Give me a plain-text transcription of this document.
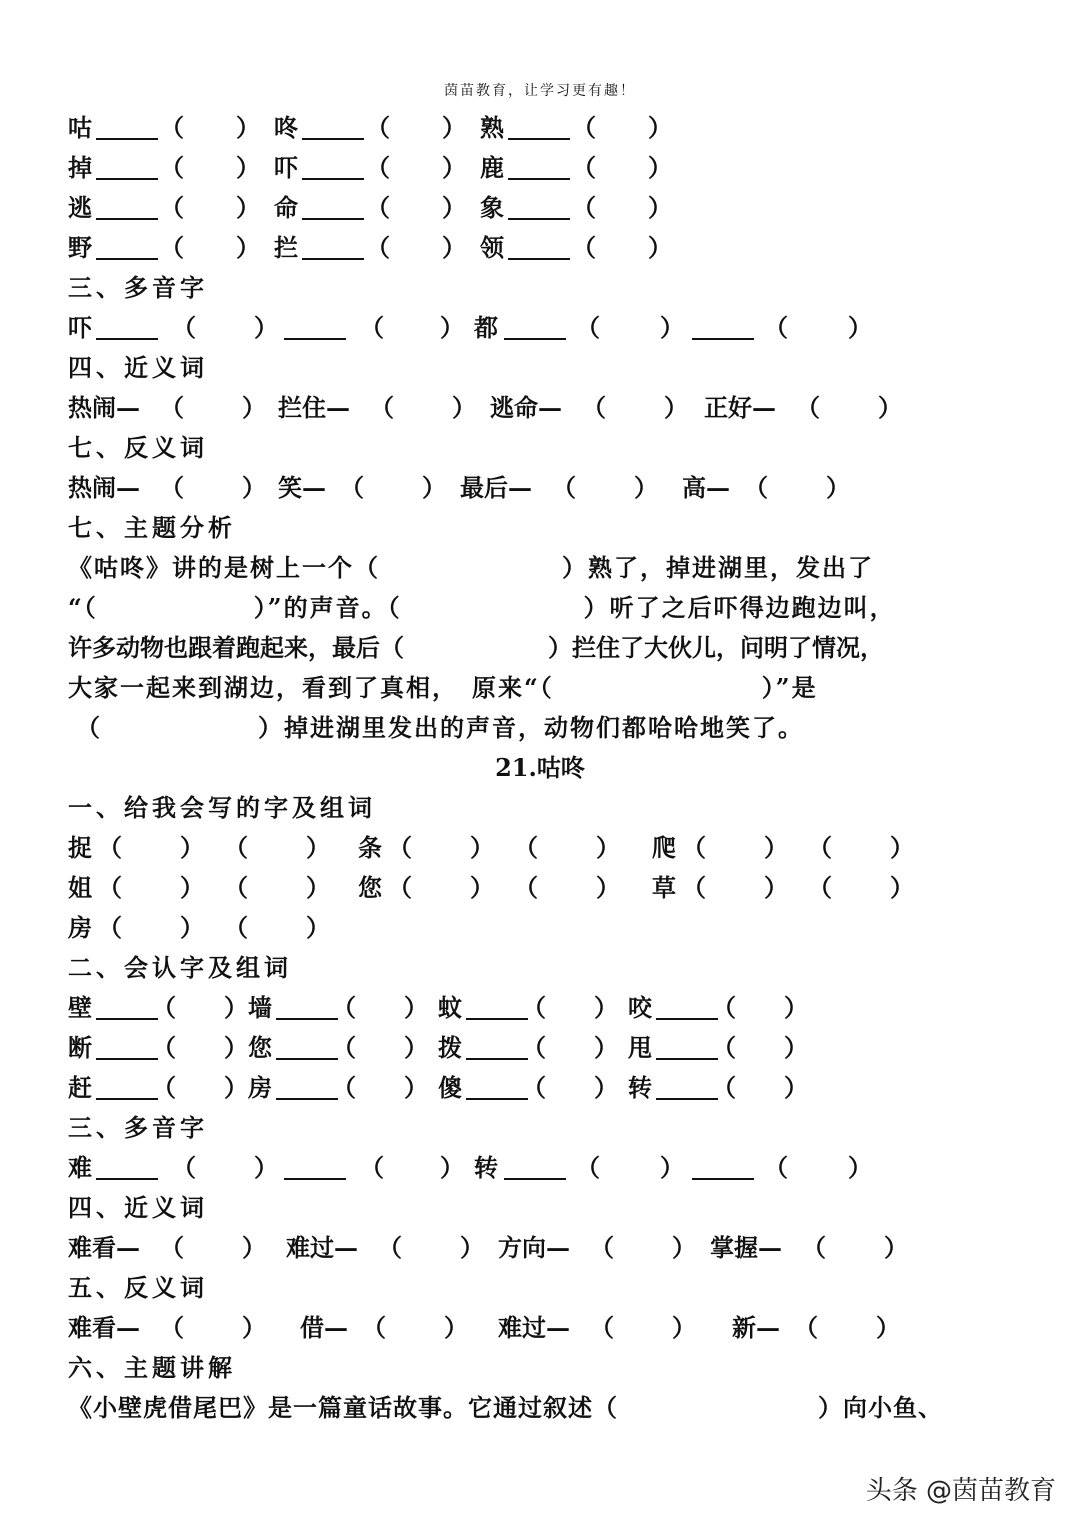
茵苗教育，让学习更有趣！
咕	（ ） 咚	（ ） 熟	（ ）
掉	（ ） 吓	（ ） 鹿	（ ）
逃	（ ） 命	（ ） 象	（ ）
野	（ ） 拦	（ ） 领	（ ）
三、多音字
吓	（ ）	（ ） 都	（	）	（	）
四、近义词
热闹— （ ） 拦住— （ ） 逃命— （ ） 正好— （ ）
七、反义词
热闹— （ ） 笑— （ ） 最后— （ ） 高— （ ）
七、主题分析
《咕咚》讲的是树上一个（　　　　　　　）熟了，掉进湖里，发出了
“（　　　　　　）”的声音。（　　　　　　　）听了之后吓得边跑边叫，
许多动物也跟着跑起来，最后（　　　　　　）拦住了大伙儿，问明了情况，
大家一起来到湖边，看到了真相，　原来“（　　　　　　　　）”是
（　　　　　　）掉进湖里发出的声音，动物们都哈哈地笑了。
21.咕咚
一、给我会写的字及组词
捉 （ ） （ ） 条 （ ） （ ） 爬 （ ） （ ）
姐 （ ） （ ） 您 （ ） （ ） 草 （ ） （ ）
房 （ ） （ ）
二、会认字及组词
壁	（ ） 墙	（ ） 蚊	（ ） 咬	（ ）
断	（ ） 您	（ ） 拨	（ ） 甩	（ ）
赶	（ ） 房	（ ） 傻	（ ） 转	（ ）
三、多音字
难	（ ）	（ ） 转	（	）	（	）
四、近义词
难看— （ ） 难过— （ ） 方向— （ ） 掌握— （ ）
五、反义词
难看— （ ） 借— （ ） 难过— （ ） 新— （ ）
六、主题讲解
《小壁虎借尾巴》是一篇童话故事。它通过叙述（　　　　　　　　）向小鱼、
头条 @茵苗教育
